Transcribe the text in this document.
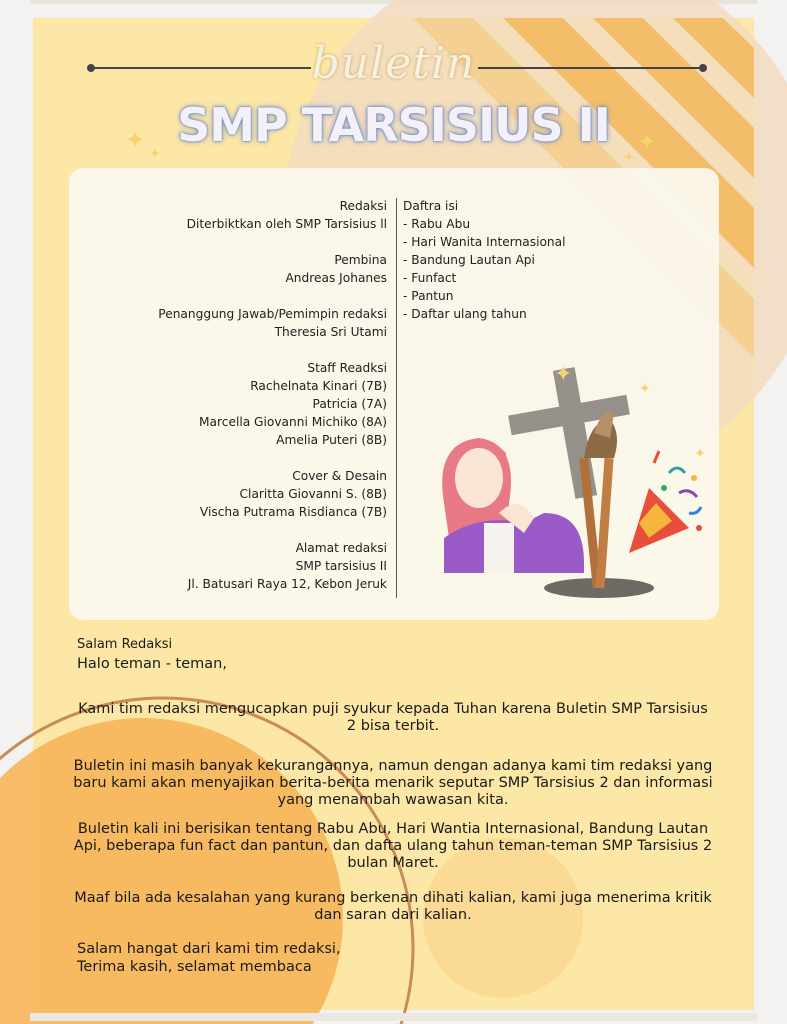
buletin
SMP TARSISIUS II
✦ ✦	✦
✦
Redaksi
Diterbiktkan oleh SMP Tarsisius ll
Pembina
Andreas Johanes
Penanggung Jawab/Pemimpin redaksi
Theresia Sri Utami
Staff Readksi
Rachelnata Kinari (7B)
Patricia (7A)
Marcella Giovanni Michiko (8A)
Amelia Puteri (8B)
Cover & Desain
Claritta Giovanni S. (8B)
Vischa Putrama Risdianca (7B)
Alamat redaksi
SMP tarsisius II
Jl. Batusari Raya 12, Kebon Jeruk
Daftra isi
- Rabu Abu
- Hari Wanita Internasional
- Bandung Lautan Api
- Funfact
- Pantun
- Daftar ulang tahun
✦
✦
✦
Salam Redaksi
Halo teman - teman,
Kami tim redaksi mengucapkan puji syukur kepada Tuhan karena Buletin SMP Tarsisius 2 bisa terbit.
Buletin ini masih banyak kekurangannya, namun dengan adanya kami tim redaksi yang baru kami akan menyajikan berita-berita menarik seputar SMP Tarsisius 2 dan informasi yang menambah wawasan kita.
Buletin kali ini berisikan tentang Rabu Abu, Hari Wantia Internasional, Bandung Lautan Api, beberapa fun fact dan pantun, dan dafta ulang tahun teman-teman SMP Tarsisius 2 bulan Maret.
Maaf bila ada kesalahan yang kurang berkenan dihati kalian, kami juga menerima kritik dan saran dari kalian.
Salam hangat dari kami tim redaksi,
Terima kasih, selamat membaca
